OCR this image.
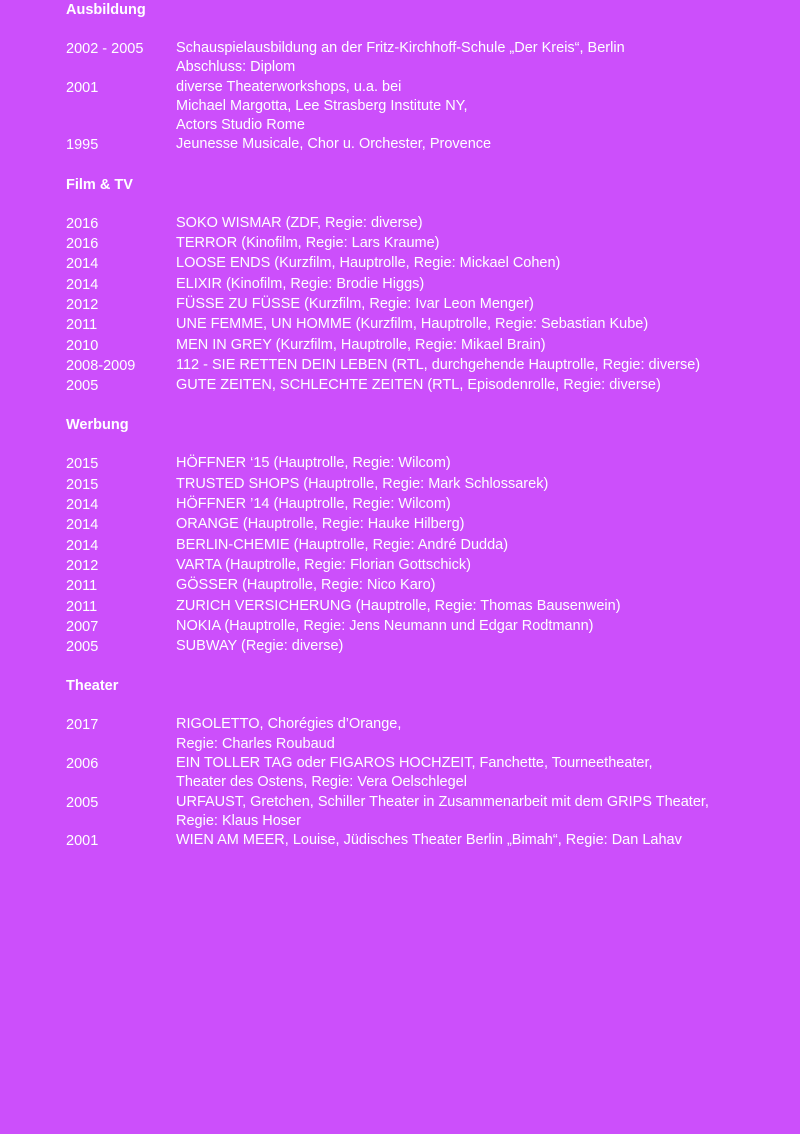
Ausbildung
2002 - 2005	Schauspielausbildung an der Fritz-Kirchhoff-Schule „Der Kreis“, Berlin
Abschluss: Diplom
2001	diverse Theaterworkshops, u.a. bei
Michael Margotta, Lee Strasberg Institute NY,
Actors Studio Rome
1995	Jeunesse Musicale, Chor u. Orchester, Provence
Film & TV
2016	SOKO WISMAR (ZDF, Regie: diverse)
2016	TERROR (Kinofilm, Regie: Lars Kraume)
2014	LOOSE ENDS (Kurzfilm, Hauptrolle, Regie: Mickael Cohen)
2014	ELIXIR (Kinofilm, Regie: Brodie Higgs)
2012	FÜSSE ZU FÜSSE (Kurzfilm, Regie: Ivar Leon Menger)
2011	UNE FEMME, UN HOMME (Kurzfilm, Hauptrolle, Regie: Sebastian Kube)
2010	MEN IN GREY (Kurzfilm, Hauptrolle, Regie: Mikael Brain)
2008-2009	112 - SIE RETTEN DEIN LEBEN (RTL, durchgehende Hauptrolle, Regie: diverse)
2005	GUTE ZEITEN, SCHLECHTE ZEITEN (RTL, Episodenrolle, Regie: diverse)
Werbung
2015	HÖFFNER ‘15 (Hauptrolle, Regie: Wilcom)
2015	TRUSTED SHOPS (Hauptrolle, Regie: Mark Schlossarek)
2014	HÖFFNER ’14 (Hauptrolle, Regie: Wilcom)
2014	ORANGE (Hauptrolle, Regie: Hauke Hilberg)
2014	BERLIN-CHEMIE (Hauptrolle, Regie: André Dudda)
2012	VARTA (Hauptrolle, Regie: Florian Gottschick)
2011	GÖSSER (Hauptrolle, Regie: Nico Karo)
2011	ZURICH VERSICHERUNG (Hauptrolle, Regie: Thomas Bausenwein)
2007	NOKIA (Hauptrolle, Regie: Jens Neumann und Edgar Rodtmann)
2005	SUBWAY (Regie: diverse)
Theater
2017	RIGOLETTO, Chorégies d’Orange,
Regie: Charles Roubaud
2006	EIN TOLLER TAG oder FIGAROS HOCHZEIT, Fanchette, Tourneetheater,
Theater des Ostens, Regie: Vera Oelschlegel
2005	URFAUST, Gretchen, Schiller Theater in Zusammenarbeit mit dem GRIPS Theater,
Regie: Klaus Hoser
2001	WIEN AM MEER, Louise, Jüdisches Theater Berlin „Bimah“, Regie: Dan Lahav
